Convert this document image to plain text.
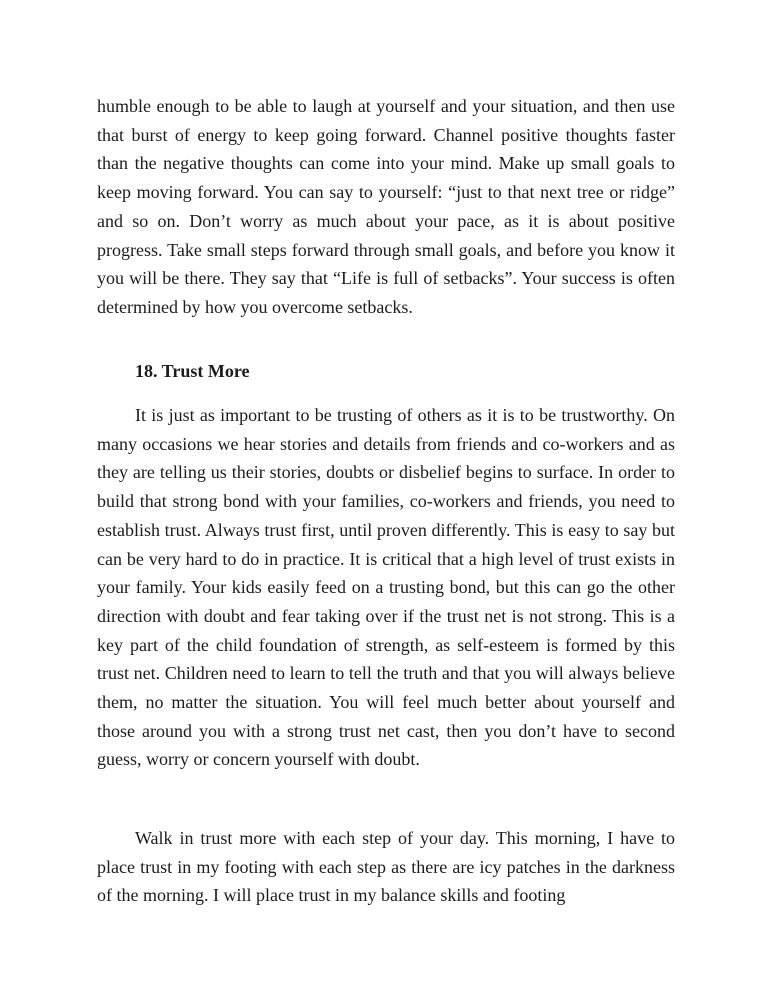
humble enough to be able to laugh at yourself and your situation, and then use that burst of energy to keep going forward. Channel positive thoughts faster than the negative thoughts can come into your mind. Make up small goals to keep moving forward. You can say to yourself: “just to that next tree or ridge” and so on. Don’t worry as much about your pace, as it is about positive progress. Take small steps forward through small goals, and before you know it you will be there. They say that “Life is full of setbacks”. Your success is often determined by how you overcome setbacks.

18. Trust More

It is just as important to be trusting of others as it is to be trustworthy. On many occasions we hear stories and details from friends and co-workers and as they are telling us their stories, doubts or disbelief begins to surface. In order to build that strong bond with your families, co-workers and friends, you need to establish trust. Always trust first, until proven differently. This is easy to say but can be very hard to do in practice. It is critical that a high level of trust exists in your family. Your kids easily feed on a trusting bond, but this can go the other direction with doubt and fear taking over if the trust net is not strong. This is a key part of the child foundation of strength, as self-esteem is formed by this trust net. Children need to learn to tell the truth and that you will always believe them, no matter the situation. You will feel much better about yourself and those around you with a strong trust net cast, then you don’t have to second guess, worry or concern yourself with doubt.

Walk in trust more with each step of your day. This morning, I have to place trust in my footing with each step as there are icy patches in the darkness of the morning. I will place trust in my balance skills and footing
